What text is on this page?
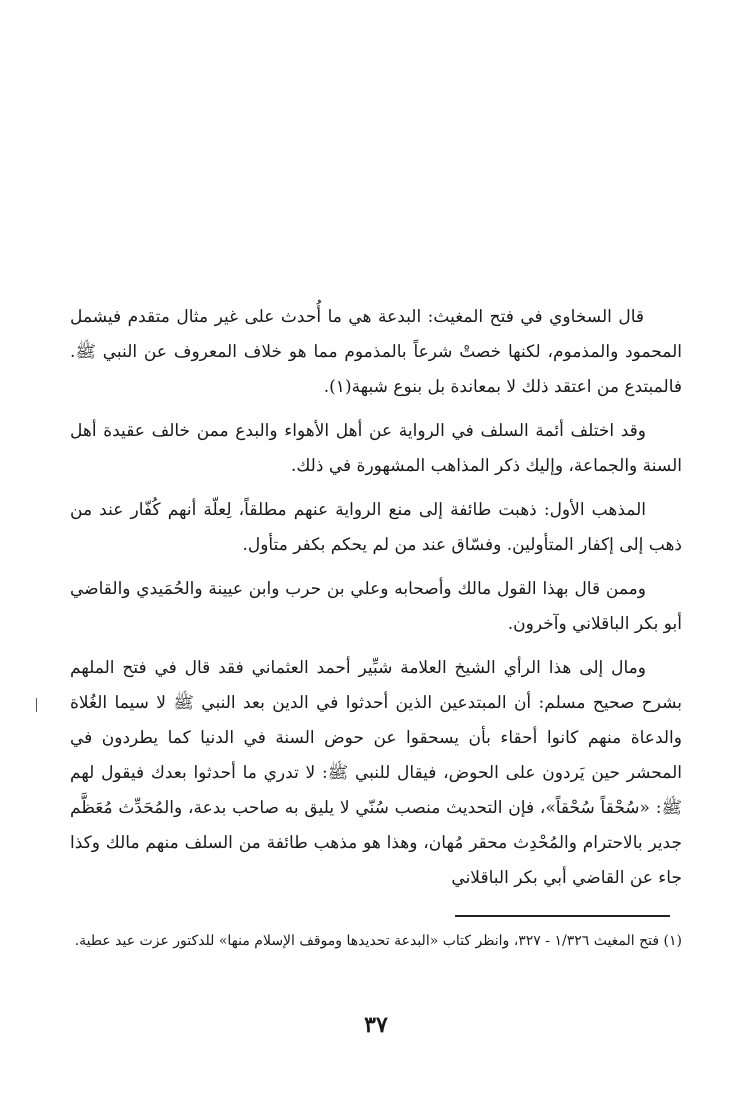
قال السخاوي في فتح المغيث: البدعة هي ما أُحدث على غير مثال متقدم فيشمل المحمود والمذموم، لكنها خصتْ شرعاً بالمذموم مما هو خلاف المعروف عن النبي ﷺ. فالمبتدع من اعتقد ذلك لا بمعاندة بل بنوع شبهة(١).

وقد اختلف أئمة السلف في الرواية عن أهل الأهواء والبدع ممن خالف عقيدة أهل السنة والجماعة، وإليك ذكر المذاهب المشهورة في ذلك.

المذهب الأول: ذهبت طائفة إلى منع الرواية عنهم مطلقاً، لِعلّة أنهم كُفّار عند من ذهب إلى إكفار المتأولين. وفسّاق عند من لم يحكم بكفر متأول.

وممن قال بهذا القول مالك وأصحابه وعلي بن حرب وابن عيينة والحُمَيدي والقاضي أبو بكر الباقلاني وآخرون.

ومال إلى هذا الرأي الشيخ العلامة شبِّير أحمد العثماني فقد قال في فتح الملهم بشرح صحيح مسلم: أن المبتدعين الذين أحدثوا في الدين بعد النبي ﷺ لا سيما الغُلاة والدعاة منهم كانوا أحقاء بأن يسحقوا عن حوض السنة في الدنيا كما يطردون في المحشر حين يَردون على الحوض، فيقال للنبي ﷺ: لا تدري ما أحدثوا بعدك فيقول لهم ﷺ: «سُحْقاً سُحْقاً»، فإن التحديث منصب سُنّي لا يليق به صاحب بدعة، والمُحَدِّث مُعَظَّم جدير بالاحترام والمُحْدِث محقر مُهان، وهذا هو مذهب طائفة من السلف منهم مالك وكذا جاء عن القاضي أبي بكر الباقلاني

(١) فتح المغيث ١/٣٢٦ - ٣٢٧، وانظر كتاب «البدعة تحديدها وموقف الإسلام منها» للدكتور عزت عيد عطية.

٣٧
